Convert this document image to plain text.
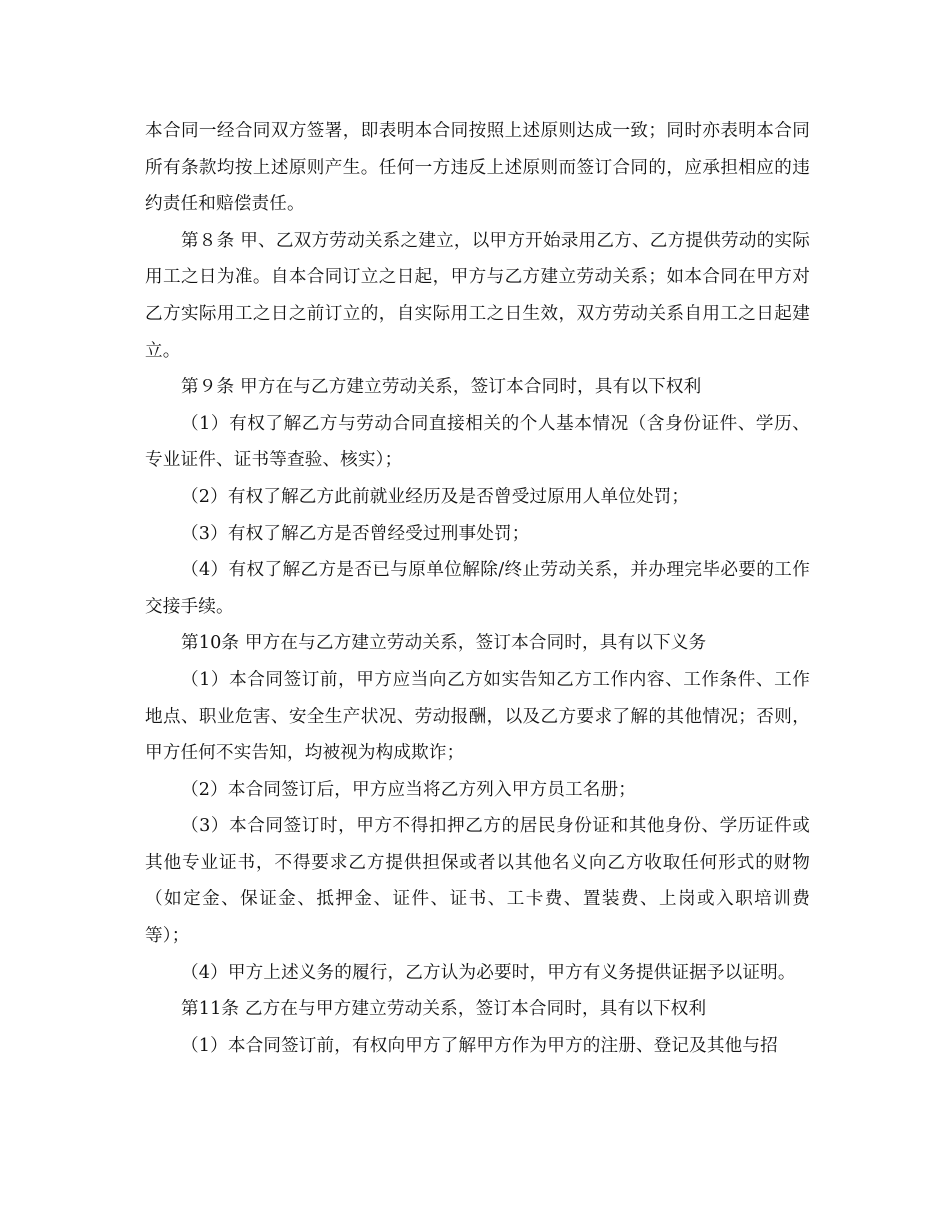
本合同一经合同双方签署，即表明本合同按照上述原则达成一致；同时亦表明本合同所有条款均按上述原则产生。任何一方违反上述原则而签订合同的，应承担相应的违约责任和赔偿责任。

第８条 甲、乙双方劳动关系之建立，以甲方开始录用乙方、乙方提供劳动的实际用工之日为准。自本合同订立之日起，甲方与乙方建立劳动关系；如本合同在甲方对乙方实际用工之日之前订立的，自实际用工之日生效，双方劳动关系自用工之日起建立。

第９条 甲方在与乙方建立劳动关系，签订本合同时，具有以下权利

（1）有权了解乙方与劳动合同直接相关的个人基本情况（含身份证件、学历、专业证件、证书等查验、核实）；

（2）有权了解乙方此前就业经历及是否曾受过原用人单位处罚；

（3）有权了解乙方是否曾经受过刑事处罚；

（4）有权了解乙方是否已与原单位解除/终止劳动关系，并办理完毕必要的工作交接手续。

第10条 甲方在与乙方建立劳动关系，签订本合同时，具有以下义务

（1）本合同签订前，甲方应当向乙方如实告知乙方工作内容、工作条件、工作地点、职业危害、安全生产状况、劳动报酬，以及乙方要求了解的其他情况；否则，甲方任何不实告知，均被视为构成欺诈；

（2）本合同签订后，甲方应当将乙方列入甲方员工名册；

（3）本合同签订时，甲方不得扣押乙方的居民身份证和其他身份、学历证件或其他专业证书，不得要求乙方提供担保或者以其他名义向乙方收取任何形式的财物（如定金、保证金、抵押金、证件、证书、工卡费、置装费、上岗或入职培训费等）；

（4）甲方上述义务的履行，乙方认为必要时，甲方有义务提供证据予以证明。

第11条 乙方在与甲方建立劳动关系，签订本合同时，具有以下权利

（1）本合同签订前，有权向甲方了解甲方作为甲方的注册、登记及其他与招
